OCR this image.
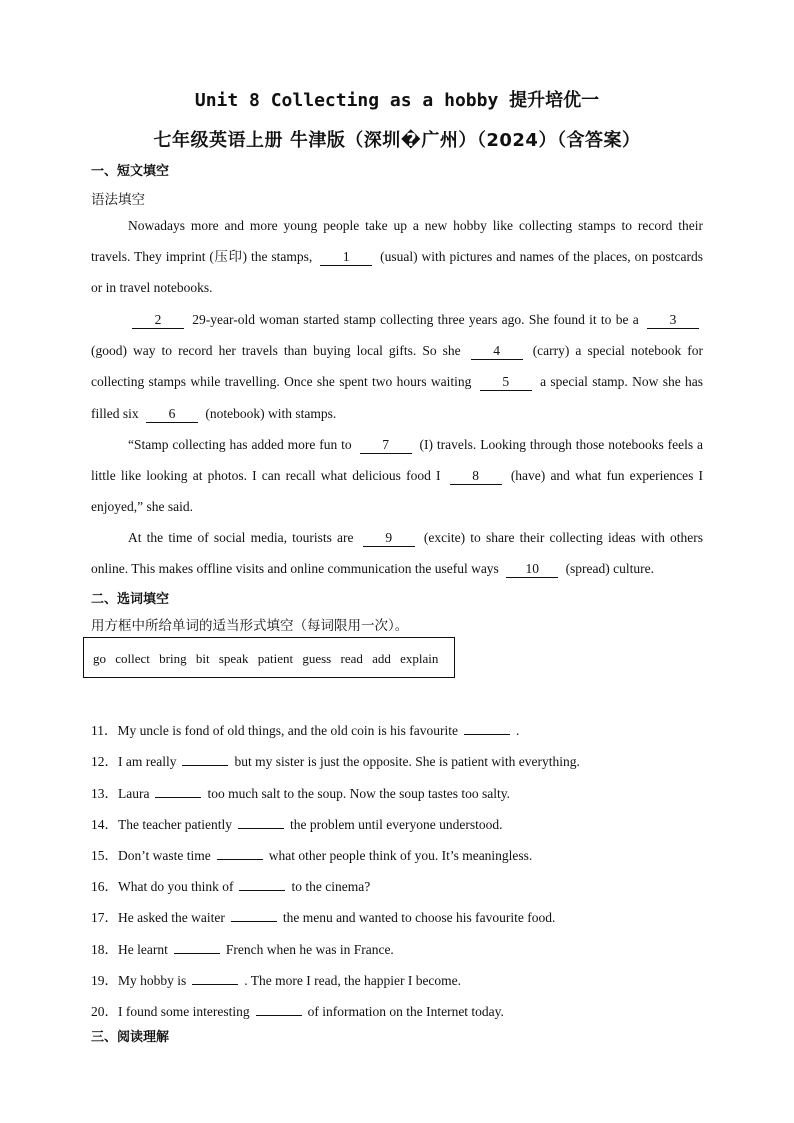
Unit 8 Collecting as a hobby 提升培优一
七年级英语上册 牛津版（深圳�广州）（2024）（含答案）
一、短文填空
语法填空

Nowadays more and more young people take up a new hobby like collecting stamps to record their travels. They imprint (压印) the stamps, 1 (usual) with pictures and names of the places, on postcards or in travel notebooks.

2 29-year-old woman started stamp collecting three years ago. She found it to be a 3 (good) way to record her travels than buying local gifts. So she 4 (carry) a special notebook for collecting stamps while travelling. Once she spent two hours waiting 5 a special stamp. Now she has filled six 6 (notebook) with stamps.

“Stamp collecting has added more fun to 7 (I) travels. Looking through those notebooks feels a little like looking at photos. I can recall what delicious food I 8 (have) and what fun experiences I enjoyed,” she said.

At the time of social media, tourists are 9 (excite) to share their collecting ideas with others online. This makes offline visits and online communication the useful ways 10 (spread) culture.

二、选词填空
用方框中所给单词的适当形式填空（每词限用一次）。
go collect bring bit speak patient guess read add explain
11．My uncle is fond of old things, and the old coin is his favourite	.
12．I am really	but my sister is just the opposite. She is patient with everything.
13．Laura	too much salt to the soup. Now the soup tastes too salty.
14．The teacher patiently	the problem until everyone understood.
15．Don’t waste time	what other people think of you. It’s meaningless.
16．What do you think of	to the cinema?
17．He asked the waiter	the menu and wanted to choose his favourite food.
18．He learnt	French when he was in France.
19．My hobby is	. The more I read, the happier I become.
20．I found some interesting	of information on the Internet today.
三、阅读理解
